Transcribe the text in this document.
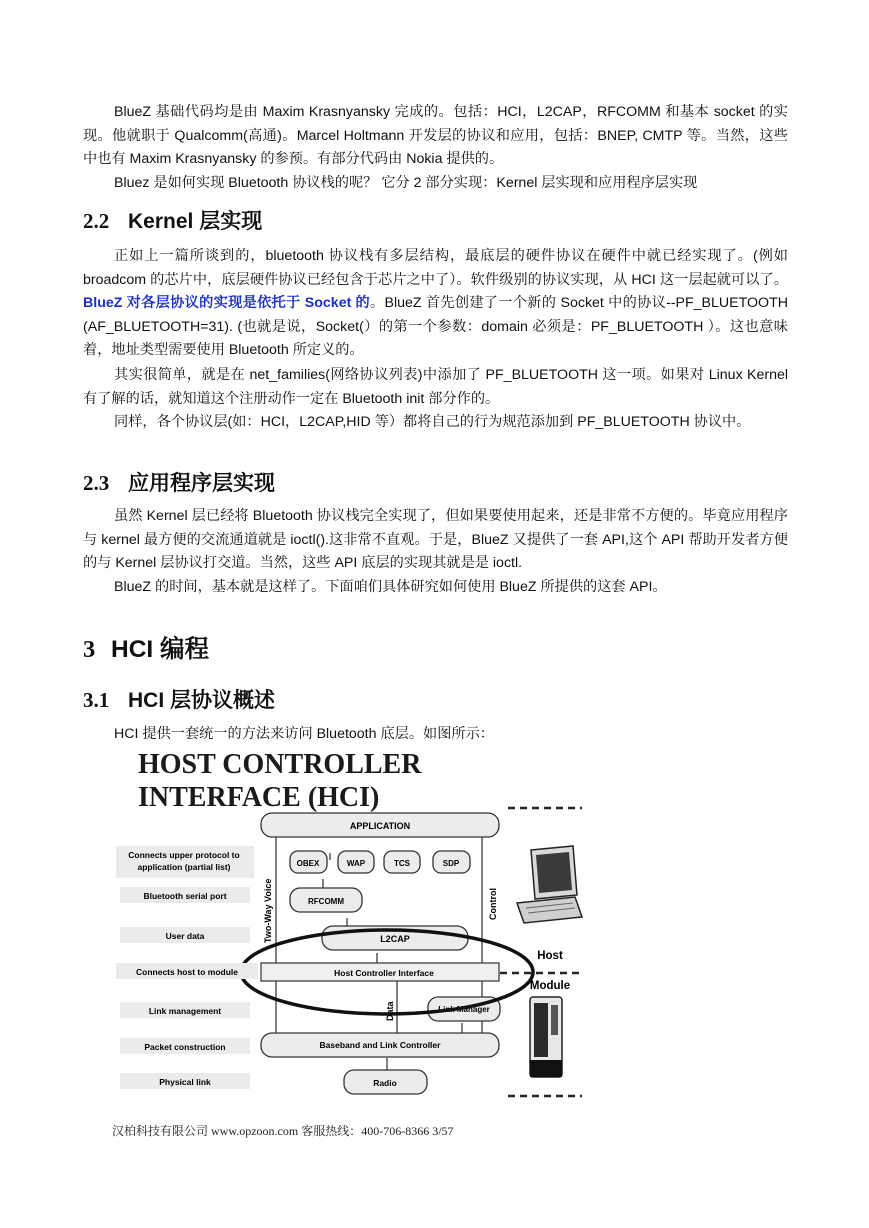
BlueZ 基础代码均是由 Maxim Krasnyansky 完成的。包括：HCI，L2CAP，RFCOMM 和基本 socket 的实现。他就职于 Qualcomm(高通)。Marcel Holtmann 开发层的协议和应用，包括：BNEP, CMTP 等。当然，这些中也有 Maxim Krasnyansky 的参预。有部分代码由 Nokia 提供的。

Bluez 是如何实现 Bluetooth 协议栈的呢？ 它分 2 部分实现：Kernel 层实现和应用程序层实现

2.2 Kernel 层实现

正如上一篇所谈到的，bluetooth 协议栈有多层结构，最底层的硬件协议在硬件中就已经实现了。(例如 broadcom 的芯片中，底层硬件协议已经包含于芯片之中了）。软件级别的协议实现，从 HCI 这一层起就可以了。 BlueZ 对各层协议的实现是依托于 Socket 的。BlueZ 首先创建了一个新的 Socket 中的协议--PF_BLUETOOTH (AF_BLUETOOTH=31). (也就是说，Socket(）的第一个参数：domain 必须是：PF_BLUETOOTH ）。这也意味着，地址类型需要使用 Bluetooth 所定义的。

其实很简单，就是在 net_families(网络协议列表)中添加了 PF_BLUETOOTH 这一项。如果对 Linux Kernel 有了解的话，就知道这个注册动作一定在 Bluetooth init 部分作的。

同样，各个协议层(如：HCI，L2CAP,HID 等）都将自己的行为规范添加到 PF_BLUETOOTH 协议中。

2.3 应用程序层实现

虽然 Kernel 层已经将 Bluetooth 协议栈完全实现了，但如果要使用起来，还是非常不方便的。毕竟应用程序与 kernel 最方便的交流通道就是 ioctl().这非常不直观。于是，BlueZ 又提供了一套 API,这个 API 帮助开发者方便的与 Kernel 层协议打交道。当然，这些 API 底层的实现其就是是 ioctl.

BlueZ 的时间，基本就是这样了。下面咱们具体研究如何使用 BlueZ 所提供的这套 API。

3 HCI 编程
3.1 HCI 层协议概述

HCI 提供一套统一的方法来访问 Bluetooth 底层。如图所示：

HOST CONTROLLER
INTERFACE (HCI)
APPLICATION
OBEX	WAP	TCS	SDP
RFCOMM
L2CAP
Host Controller Interface
Link Manager
Baseband and Link Controller
Radio
Two-Way Voice	Control
Data
Connects upper protocol to
application (partial list)
Bluetooth serial port
User data
Connects host to module
Link management
Packet construction
Physical link
Host
Module
汉柏科技有限公司 www.opzoon.com 客服热线：400-706-8366 3/57
